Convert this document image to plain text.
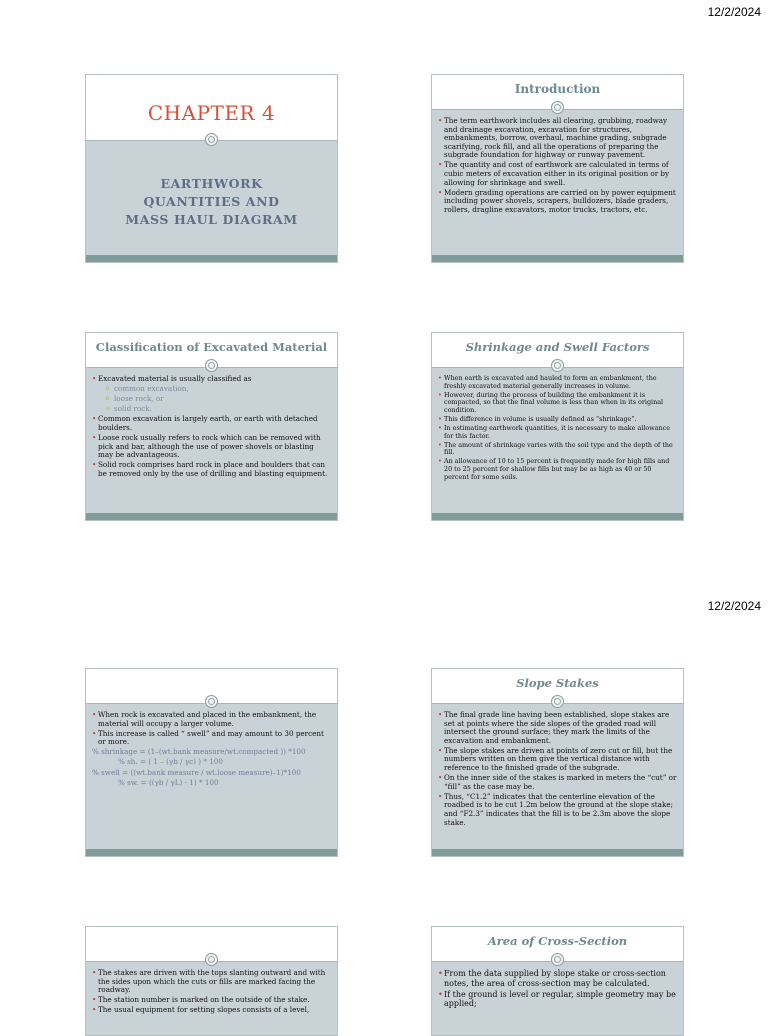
12/2/2024
12/2/2024
CHAPTER 4
EARTHWORK
QUANTITIES AND
MASS HAUL DIAGRAM
Introduction
• The term earthwork includes all clearing, grubbing, roadway and drainage excavation, excavation for structures, embankments, borrow, overhaul, machine grading, subgrade scarifying, rock fill, and all the operations of preparing the subgrade foundation for highway or runway pavement.
• The quantity and cost of earthwork are calculated in terms of cubic meters of excavation either in its original position or by allowing for shrinkage and swell.
• Modern grading operations are carried on by power equipment including power shovels, scrapers, bulldozers, blade graders, rollers, dragline excavators, motor trucks, tractors, etc.
Classification of Excavated Material
• Excavated material is usually classified as
o common excavation,
o loose rock, or
o solid rock.
• Common excavation is largely earth, or earth with detached boulders.
• Loose rock usually refers to rock which can be removed with pick and bar, although the use of power shovels or blasting may be advantageous.
• Solid rock comprises hard rock in place and boulders that can be removed only by the use of drilling and blasting equipment.
Shrinkage and Swell Factors
• When earth is excavated and hauled to form an embankment, the freshly excavated material generally increases in volume.
• However, during the process of building the embankment it is compacted, so that the final volume is less than when in its original condition.
• This difference in volume is usually defined as “shrinkage”.
• In estimating earthwork quantities, it is necessary to make allowance for this factor.
• The amount of shrinkage varies with the soil type and the depth of the fill.
• An allowance of 10 to 15 percent is frequently made for high fills and 20 to 25 percent for shallow fills but may be as high as 40 or 50 percent for some soils.
• When rock is excavated and placed in the embankment, the material will occupy a larger volume.
• This increase is called “ swell” and may amount to 30 percent or more.
% shrinkage = (1–(wt.bank measure/wt.compacted )) *100
% sh. = ( 1 – (γb / γc) ) * 100
% swell = ((wt.bank measure / wt.loose measure)–1)*100
% sw. = ((γb / γL) - 1) * 100
Slope Stakes
• The final grade line having been established, slope stakes are set at points where the side slopes of the graded road will intersect the ground surface; they mark the limits of the excavation and embankment.
• The slope stakes are driven at points of zero cut or fill, but the numbers written on them give the vertical distance with reference to the finished grade of the subgrade.
• On the inner side of the stakes is marked in meters the “cut” or “fill” as the case may be.
• Thus, “C1.2” indicates that the centerline elevation of the roadbed is to be cut 1.2m below the ground at the slope stake; and “F2.3” indicates that the fill is to be 2.3m above the slope stake.
• The stakes are driven with the tops slanting outward and with the sides upon which the cuts or fills are marked facing the roadway.
• The station number is marked on the outside of the stake.
• The usual equipment for setting slopes consists of a level,
Area of Cross-Section
• From the data supplied by slope stake or cross-section notes, the area of cross-section may be calculated.
• If the ground is level or regular, simple geometry may be applied;
